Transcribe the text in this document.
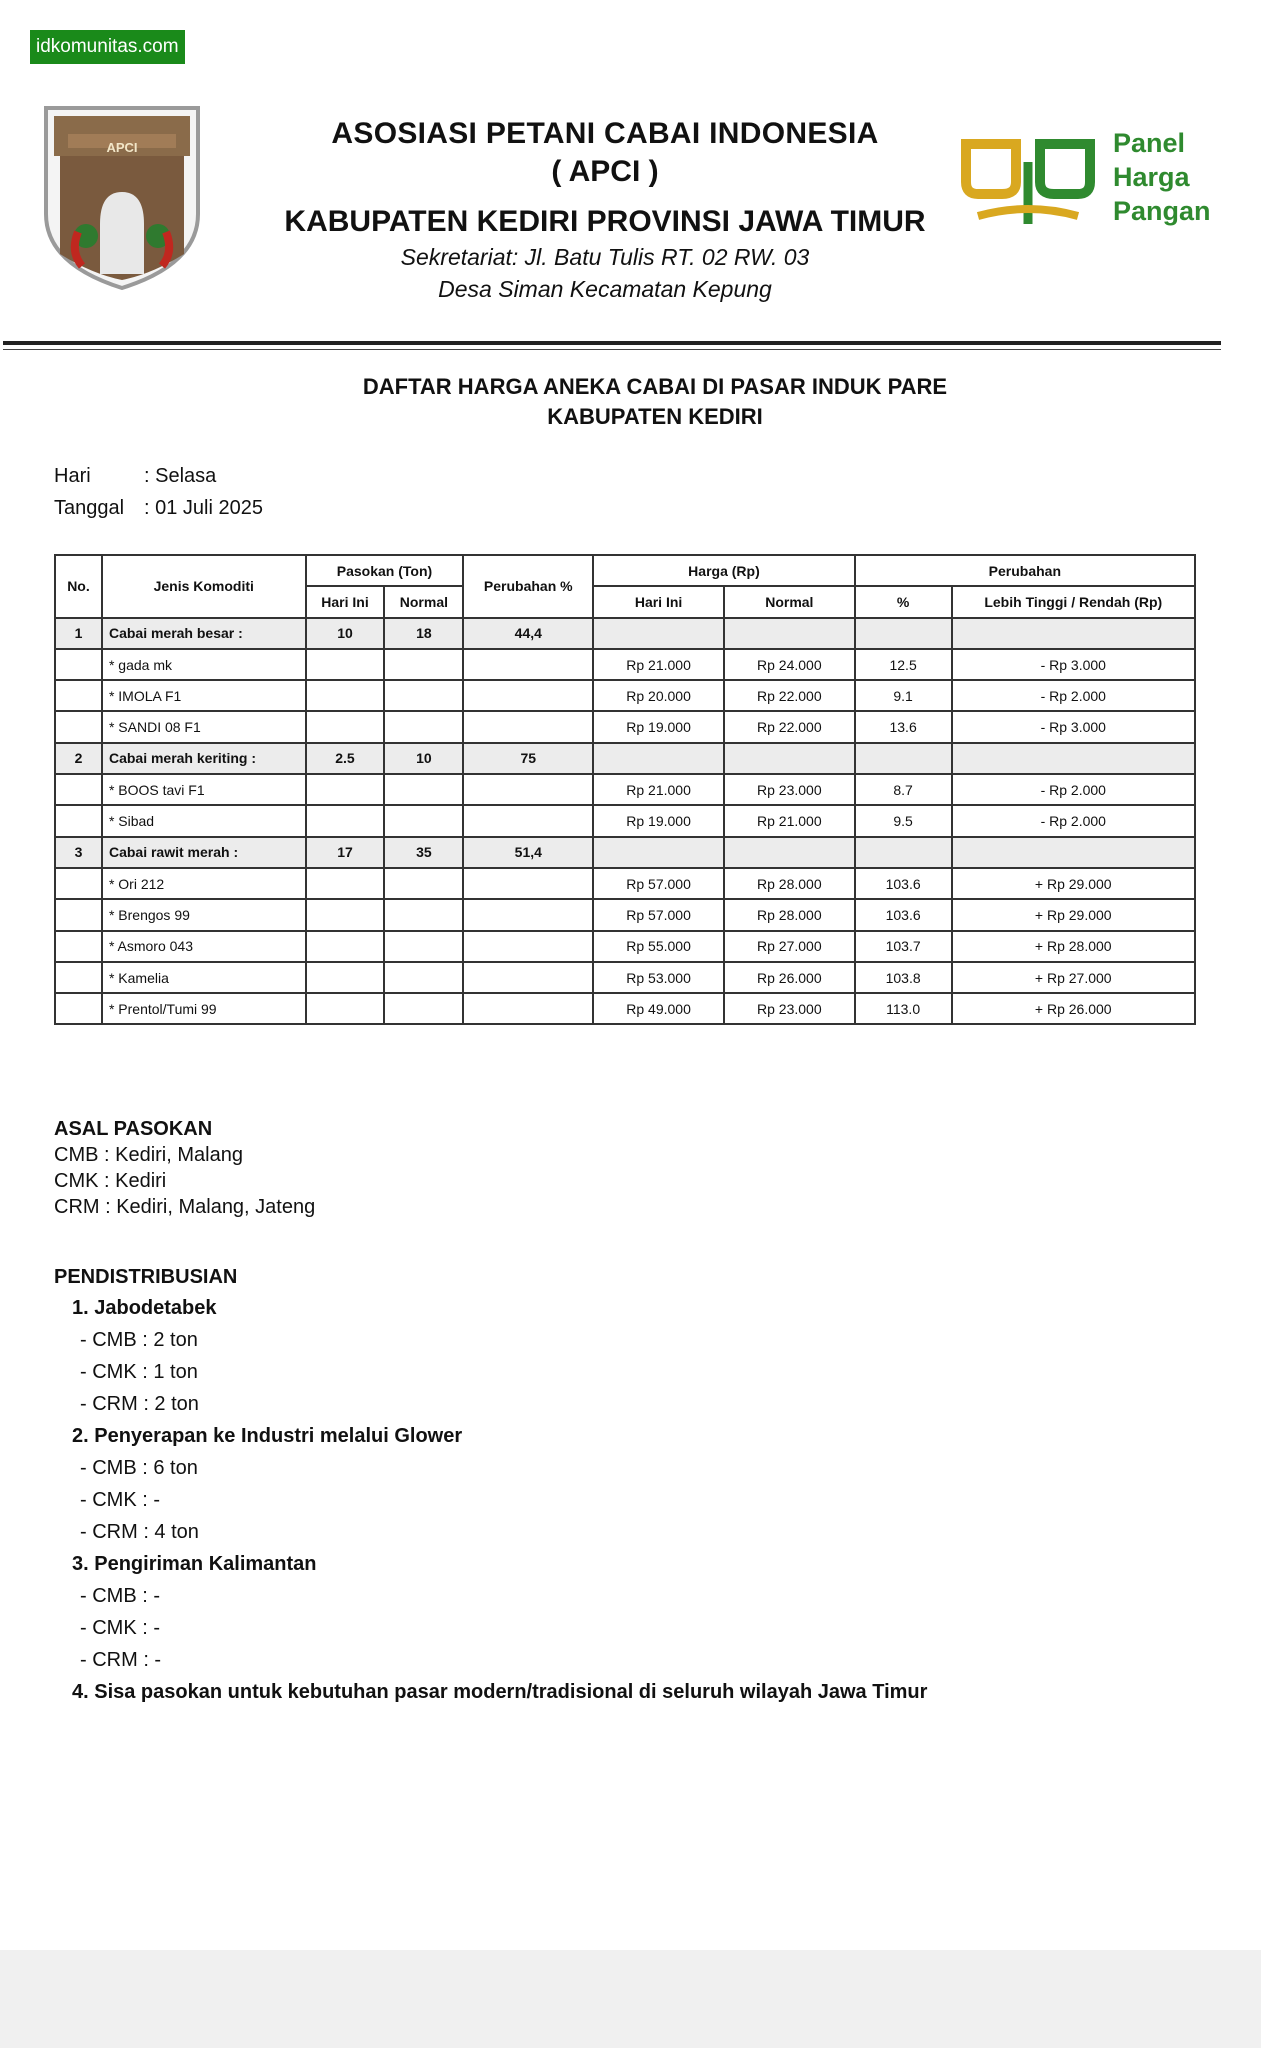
idkomunitas.com
APCI	ASOSIASI PETANI CABAI INDONESIA
( APCI )
KABUPATEN KEDIRI PROVINSI JAWA TIMUR
Sekretariat: Jl. Batu Tulis RT. 02 RW. 03
Desa Siman Kecamatan Kepung
Panel
Harga
Pangan
DAFTAR HARGA ANEKA CABAI DI PASAR INDUK PARE
KABUPATEN KEDIRI
Hari	: Selasa
Tanggal : 01 Juli 2025
No.	Jenis Komoditi	Pasokan (Ton)		Perubahan %	Harga (Rp)		Perubahan	
		Hari Ini	Normal		Hari Ini	Normal	%	Lebih Tinggi / Rendah (Rp)
1	Cabai merah besar :	10	18	44,4				
	* gada mk				Rp 21.000	Rp 24.000	12.5	- Rp 3.000
	* IMOLA F1				Rp 20.000	Rp 22.000	9.1	- Rp 2.000
	* SANDI 08 F1				Rp 19.000	Rp 22.000	13.6	- Rp 3.000
2	Cabai merah keriting :	2.5	10	75				
	* BOOS tavi F1				Rp 21.000	Rp 23.000	8.7	- Rp 2.000
	* Sibad				Rp 19.000	Rp 21.000	9.5	- Rp 2.000
3	Cabai rawit merah :	17	35	51,4				
	* Ori 212				Rp 57.000	Rp 28.000	103.6	+ Rp 29.000
	* Brengos 99				Rp 57.000	Rp 28.000	103.6	+ Rp 29.000
	* Asmoro 043				Rp 55.000	Rp 27.000	103.7	+ Rp 28.000
	* Kamelia				Rp 53.000	Rp 26.000	103.8	+ Rp 27.000
	* Prentol/Tumi 99				Rp 49.000	Rp 23.000	113.0	+ Rp 26.000
ASAL PASOKAN
CMB : Kediri, Malang
CMK : Kediri
CRM : Kediri, Malang, Jateng
PENDISTRIBUSIAN
1. Jabodetabek
- CMB : 2 ton
- CMK : 1 ton
- CRM : 2 ton
2. Penyerapan ke Industri melalui Glower
- CMB : 6 ton
- CMK : -
- CRM : 4 ton
3. Pengiriman Kalimantan
- CMB : -
- CMK : -
- CRM : -
4. Sisa pasokan untuk kebutuhan pasar modern/tradisional di seluruh wilayah Jawa Timur
